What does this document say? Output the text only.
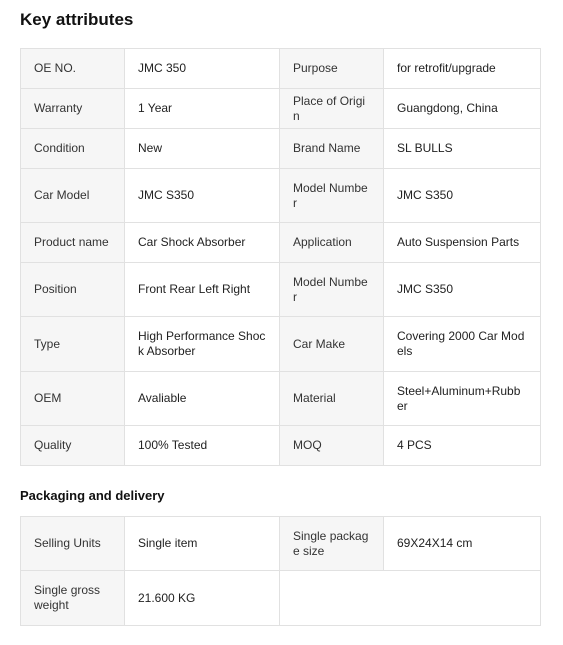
Key attributes
OE NO.	JMC 350	Purpose	for retrofit/upgrade
Warranty	1 Year	Place of Origin	Guangdong, China
Condition	New	Brand Name	SL BULLS
Car Model	JMC S350	Model Number	JMC S350
Product name	Car Shock Absorber	Application	Auto Suspension Parts
Position	Front Rear Left Right	Model Number	JMC S350
Type	High Performance Shock Absorber	Car Make	Covering 2000 Car Models
OEM	Avaliable	Material	Steel+Aluminum+Rubber
Quality	100% Tested	MOQ	4 PCS
Packaging and delivery
Selling Units	Single item	Single package size	69X24X14 cm
Single gross weight	21.600 KG		
